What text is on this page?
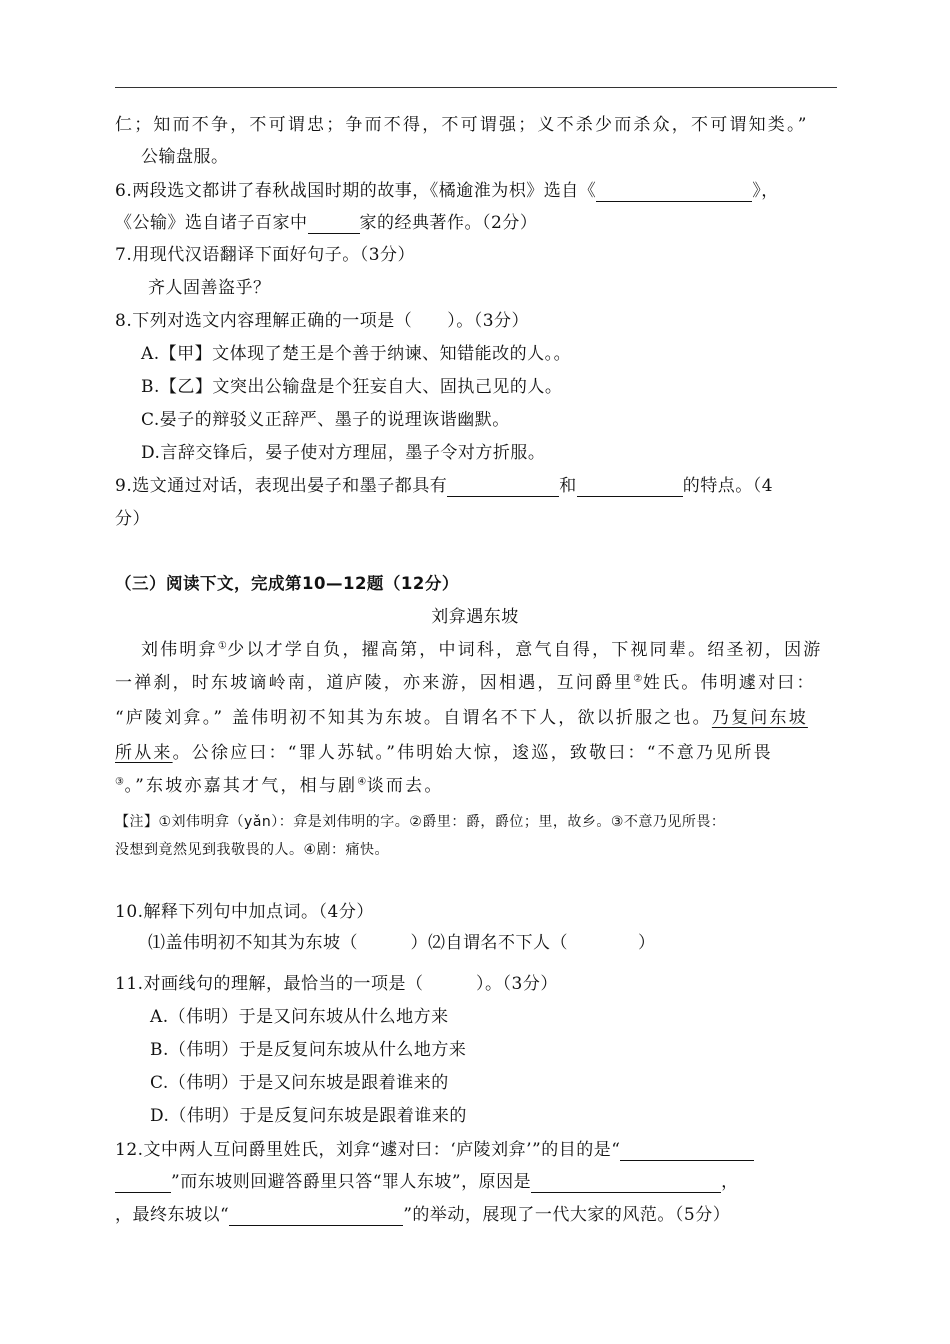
仁；知而不争，不可谓忠；争而不得，不可谓强；义不杀少而杀众，不可谓知类。”
公输盘服。
6.两段选文都讲了春秋战国时期的故事，《橘逾淮为枳》选自《	》，
《公输》选自诸子百家中	家的经典著作。（2分）
7.用现代汉语翻译下面好句子。（3分）
齐人固善盗乎？
8.下列对选文内容理解正确的一项是（　　）。（3分）
A.【甲】文体现了楚王是个善于纳谏、知错能改的人。。
B.【乙】文突出公输盘是个狂妄自大、固执己见的人。
C.晏子的辩驳义正辞严、墨子的说理诙谐幽默。
D.言辞交锋后，晏子使对方理屈，墨子令对方折服。
9.选文通过对话，表现出晏子和墨子都具有	和	的特点。（4
分）
（三）阅读下文，完成第10—12题（12分）
刘弇遇东坡
刘伟明弇①少以才学自负，擢高第，中词科，意气自得，下视同辈。绍圣初，因游
一禅刹，时东坡谪岭南，道庐陵，亦来游，因相遇，互问爵里②姓氏。伟明遽对曰：
“庐陵刘弇。” 盖伟明初不知其为东坡。自谓名不下人，欲以折服之也。乃复问东坡
所从来。公徐应曰：“罪人苏轼。”伟明始大惊，逡巡，致敬曰：“不意乃见所畏
③。”东坡亦嘉其才气，相与剧④谈而去。
【注】①刘伟明弇（yǎn）：弇是刘伟明的字。②爵里：爵，爵位；里，故乡。③不意乃见所畏：
没想到竟然见到我敬畏的人。④剧：痛快。
10.解释下列句中加点词。（4分）
⑴盖伟明初不知其为东坡（　　　）⑵自谓名不下人（　　　　）
11.对画线句的理解，最恰当的一项是（　　　）。（3分）
A.（伟明）于是又问东坡从什么地方来
B.（伟明）于是反复问东坡从什么地方来
C.（伟明）于是又问东坡是跟着谁来的
D.（伟明）于是反复问东坡是跟着谁来的
12.文中两人互问爵里姓氏，刘弇“遽对曰：‘庐陵刘弇’”的目的是“
”而东坡则回避答爵里只答“罪人东坡”，原因是	，
，最终东坡以“	”的举动，展现了一代大家的风范。（5分）
